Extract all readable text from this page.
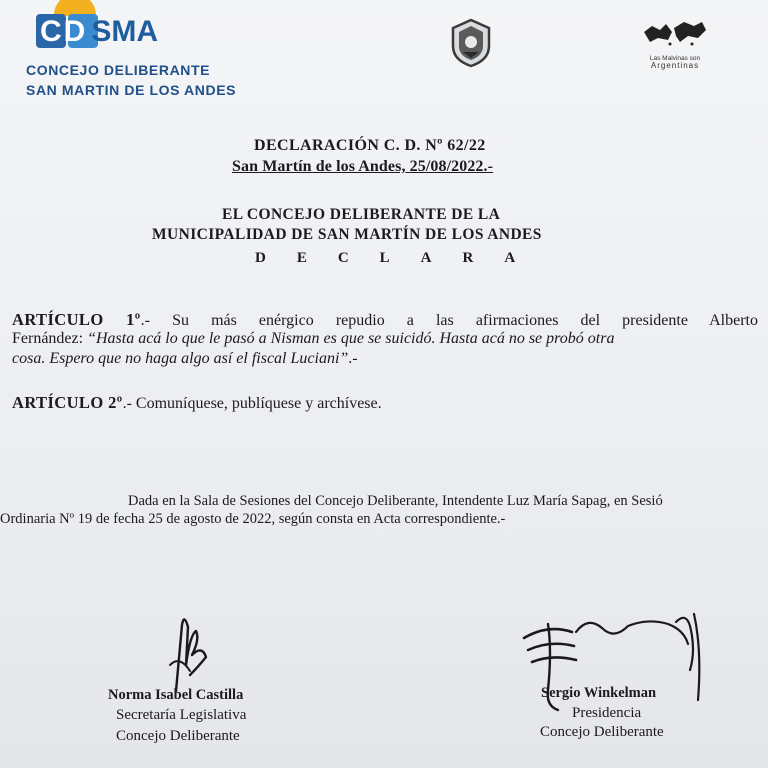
CD SMA
CONCEJO DELIBERANTE
SAN MARTIN DE LOS ANDES
Las Malvinas son
Argentinas
DECLARACIÓN C. D. Nº 62/22
San Martín de los Andes, 25/08/2022.-
EL CONCEJO DELIBERANTE DE LA
MUNICIPALIDAD DE SAN MARTÍN DE LOS ANDES
DECLARA
ARTÍCULO 1º.- Su más enérgico repudio a las afirmaciones del presidente Alberto
Fernández: “Hasta acá lo que le pasó a Nisman es que se suicidó. Hasta acá no se probó otra
cosa. Espero que no haga algo así el fiscal Luciani”.-
ARTÍCULO 2º.- Comuníquese, publíquese y archívese.
Dada en la Sala de Sesiones del Concejo Deliberante, Intendente Luz María Sapag, en Sesió
Ordinaria Nº 19 de fecha 25 de agosto de 2022, según consta en Acta correspondiente.-
Norma Isabel Castilla
Secretaría Legislativa
Concejo Deliberante
Sergio Winkelman
Presidencia
Concejo Deliberante
